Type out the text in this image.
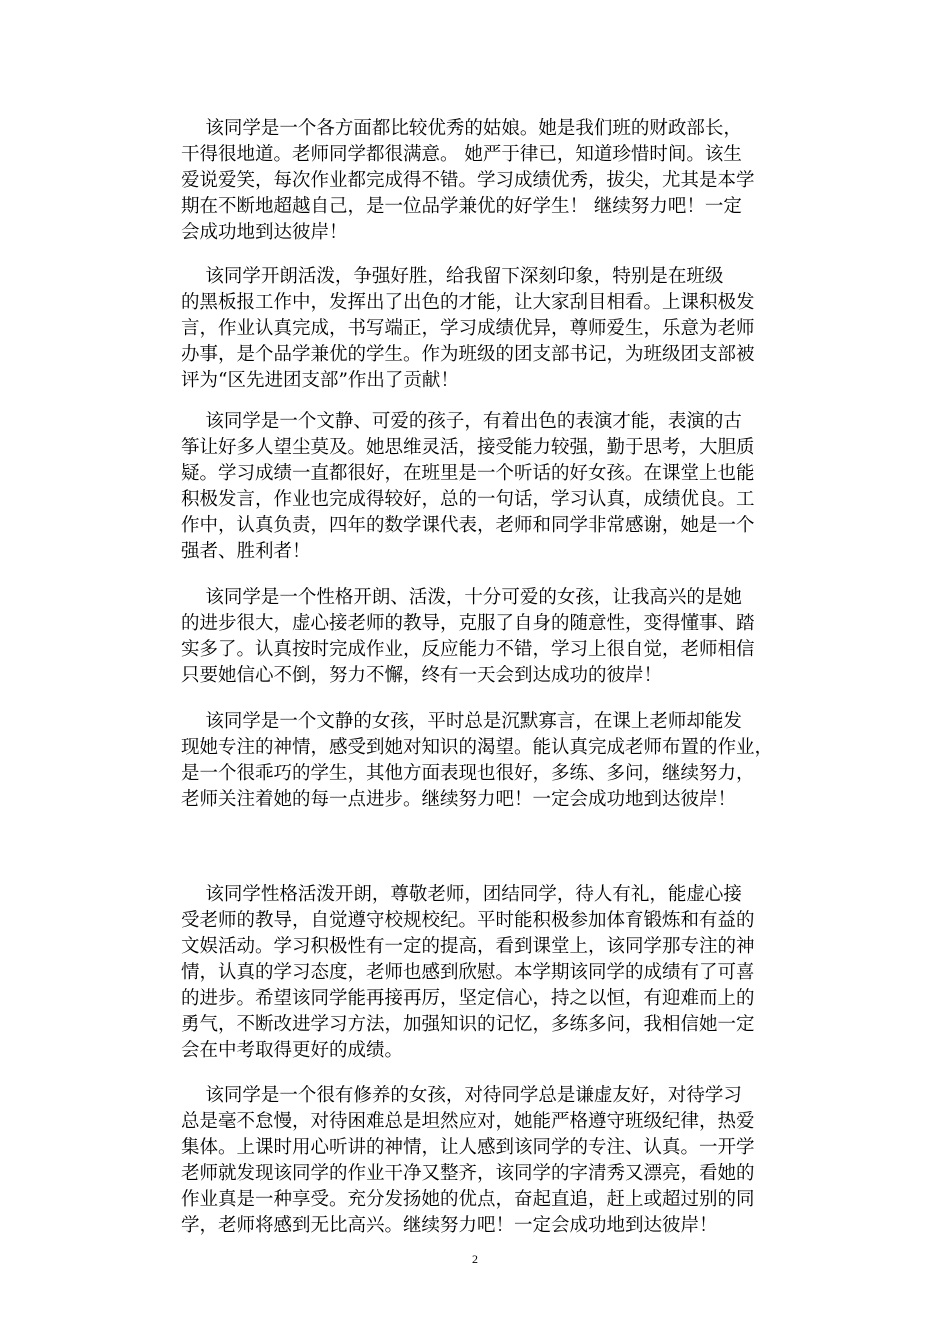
　 该同学是一个各方面都比较优秀的姑娘。她是我们班的财政部长，
干得很地道。老师同学都很满意。 她严于律已，知道珍惜时间。该生
爱说爱笑，每次作业都完成得不错。学习成绩优秀，拔尖，尤其是本学
期在不断地超越自己，是一位品学兼优的好学生！ 继续努力吧！一定
会成功地到达彼岸！
　 该同学开朗活泼，争强好胜，给我留下深刻印象，特别是在班级
的黑板报工作中，发挥出了出色的才能，让大家刮目相看。上课积极发
言，作业认真完成，书写端正，学习成绩优异，尊师爱生，乐意为老师
办事，是个品学兼优的学生。作为班级的团支部书记，为班级团支部被
评为“区先进团支部”作出了贡献！
　 该同学是一个文静、可爱的孩子，有着出色的表演才能，表演的古
筝让好多人望尘莫及。她思维灵活，接受能力较强，勤于思考，大胆质
疑。学习成绩一直都很好，在班里是一个听话的好女孩。在课堂上也能
积极发言，作业也完成得较好，总的一句话，学习认真，成绩优良。工
作中，认真负责，四年的数学课代表，老师和同学非常感谢，她是一个
强者、胜利者！
　 该同学是一个性格开朗、活泼，十分可爱的女孩，让我高兴的是她
的进步很大，虚心接老师的教导，克服了自身的随意性，变得懂事、踏
实多了。认真按时完成作业，反应能力不错，学习上很自觉，老师相信
只要她信心不倒，努力不懈，终有一天会到达成功的彼岸！
　 该同学是一个文静的女孩，平时总是沉默寡言，在课上老师却能发
现她专注的神情，感受到她对知识的渴望。能认真完成老师布置的作业，
是一个很乖巧的学生，其他方面表现也很好，多练、多问，继续努力，
老师关注着她的每一点进步。继续努力吧！一定会成功地到达彼岸！
　 该同学性格活泼开朗，尊敬老师，团结同学，待人有礼，能虚心接
受老师的教导，自觉遵守校规校纪。平时能积极参加体育锻炼和有益的
文娱活动。学习积极性有一定的提高，看到课堂上，该同学那专注的神
情，认真的学习态度，老师也感到欣慰。本学期该同学的成绩有了可喜
的进步。希望该同学能再接再厉，坚定信心，持之以恒，有迎难而上的
勇气，不断改进学习方法，加强知识的记忆，多练多问，我相信她一定
会在中考取得更好的成绩。
　 该同学是一个很有修养的女孩，对待同学总是谦虚友好，对待学习
总是毫不怠慢，对待困难总是坦然应对，她能严格遵守班级纪律，热爱
集体。上课时用心听讲的神情，让人感到该同学的专注、认真。一开学
老师就发现该同学的作业干净又整齐，该同学的字清秀又漂亮，看她的
作业真是一种享受。充分发扬她的优点，奋起直追，赶上或超过别的同
学，老师将感到无比高兴。继续努力吧！一定会成功地到达彼岸！
2
